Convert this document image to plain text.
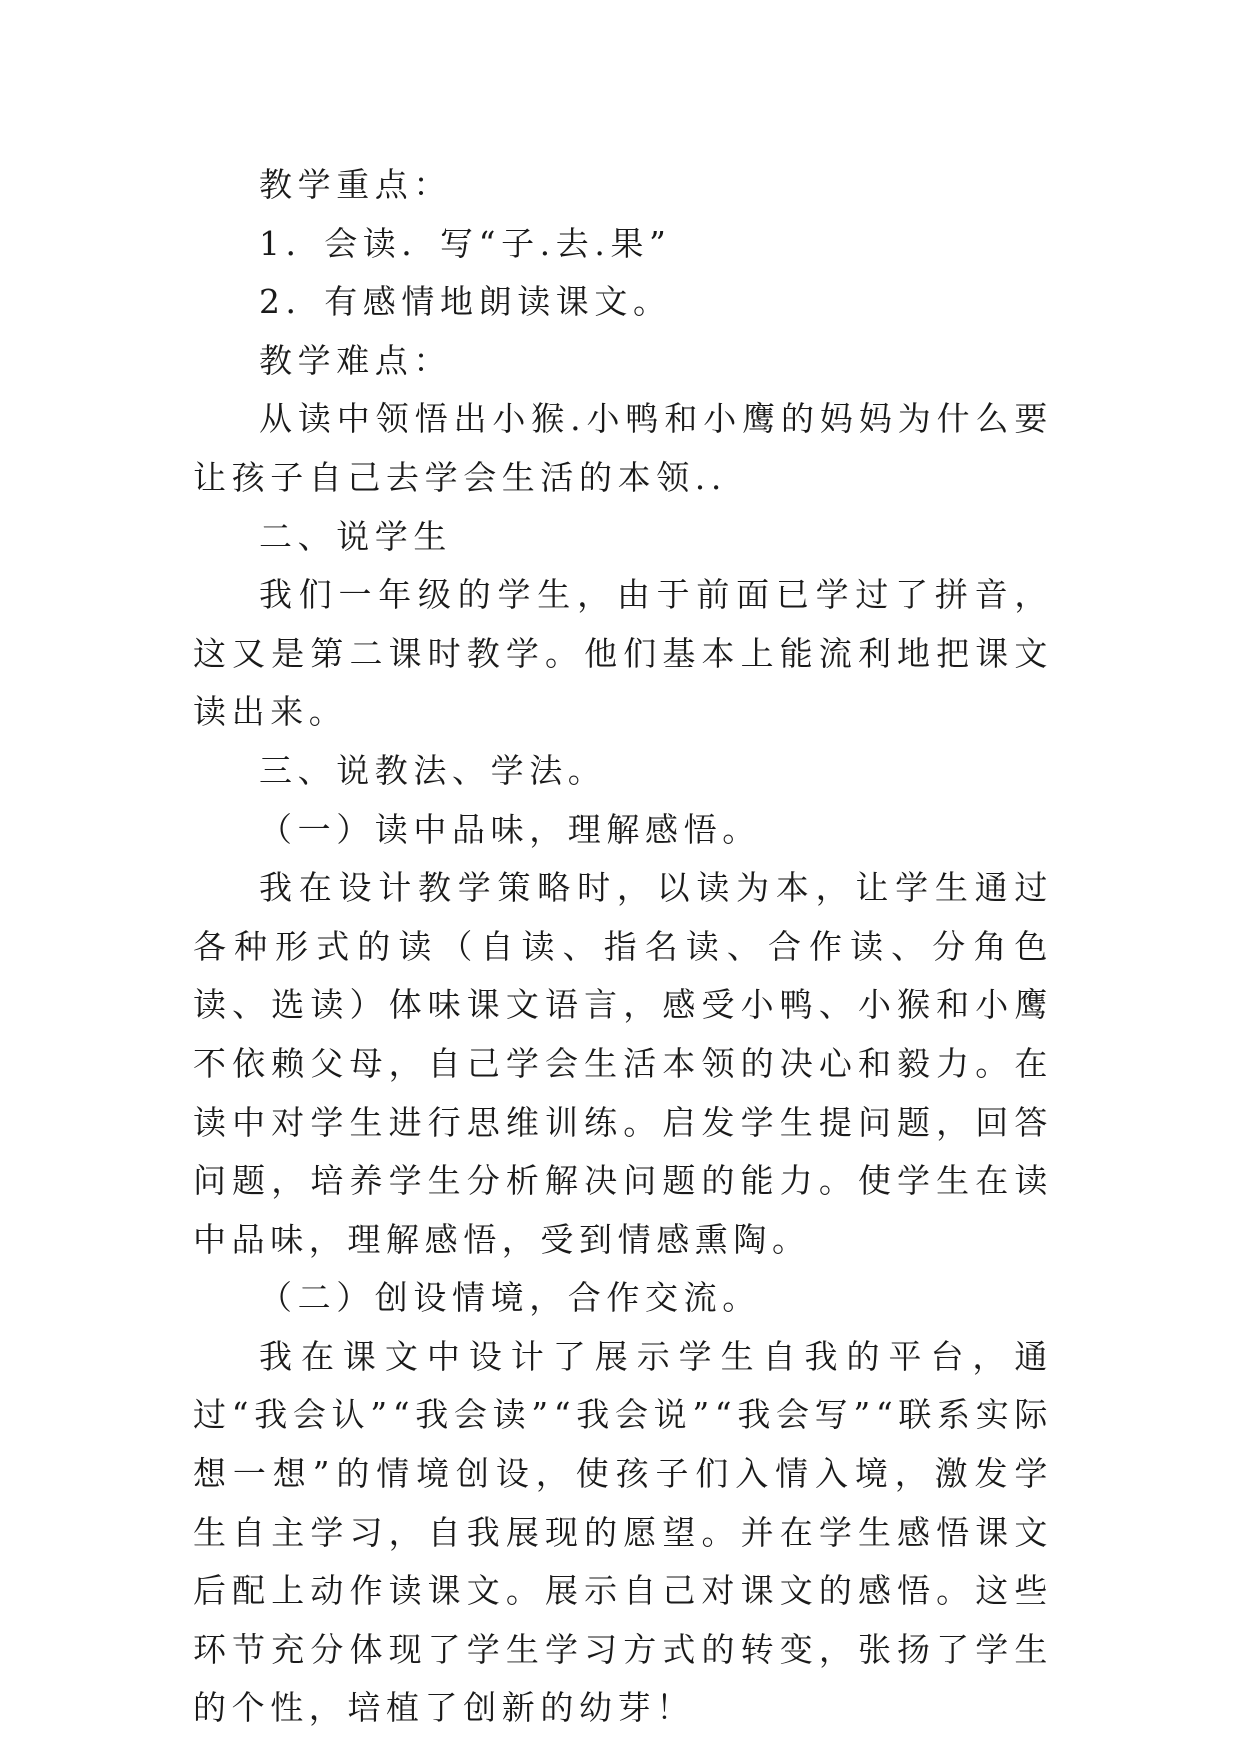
教学重点：

1．会读．写“子.去.果”

2．有感情地朗读课文。

教学难点：

从读中领悟出小猴.小鸭和小鹰的妈妈为什么要让孩子自己去学会生活的本领..

二、说学生

我们一年级的学生，由于前面已学过了拼音，这又是第二课时教学。他们基本上能流利地把课文读出来。

三、说教法、学法。

（一）读中品味，理解感悟。

我在设计教学策略时，以读为本，让学生通过各种形式的读（自读、指名读、合作读、分角色读、选读）体味课文语言，感受小鸭、小猴和小鹰不依赖父母，自己学会生活本领的决心和毅力。在读中对学生进行思维训练。启发学生提问题，回答问题，培养学生分析解决问题的能力。使学生在读中品味，理解感悟，受到情感熏陶。

（二）创设情境，合作交流。

我在课文中设计了展示学生自我的平台，通过“我会认”“我会读”“我会说”“我会写”“联系实际想一想”的情境创设，使孩子们入情入境，激发学生自主学习，自我展现的愿望。并在学生感悟课文后配上动作读课文。展示自己对课文的感悟。这些环节充分体现了学生学习方式的转变，张扬了学生的个性，培植了创新的幼芽！
